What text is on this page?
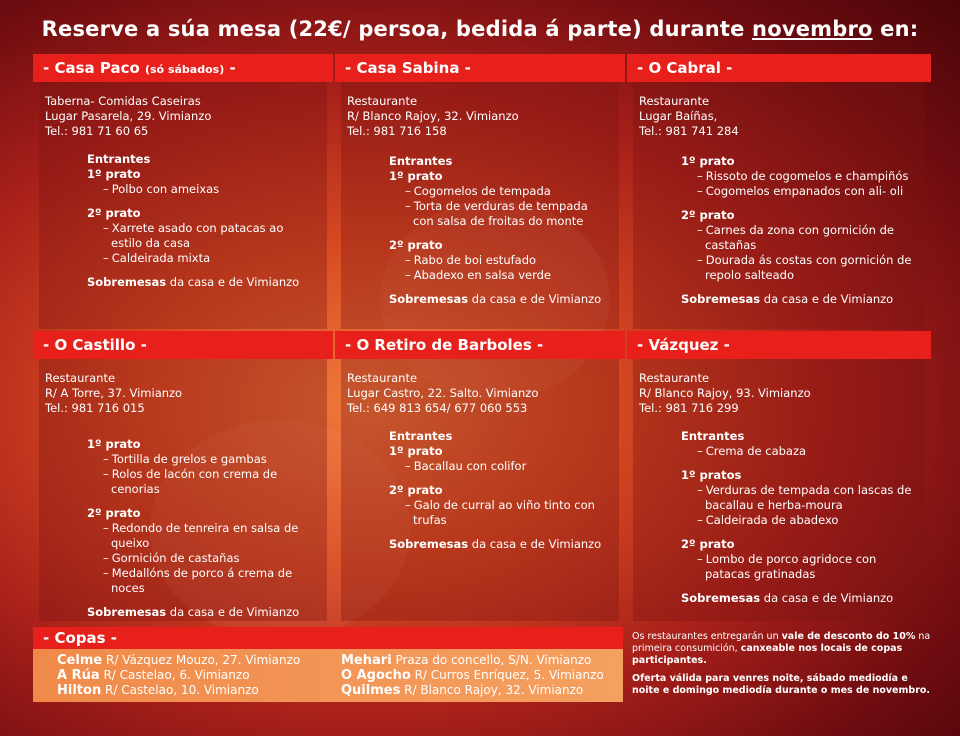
Reserve a súa mesa (22€/ persoa, bedida á parte) durante novembro en:
- Casa Paco (só sábados) -
Taberna- Comidas Caseiras
Lugar Pasarela, 29. Vimianzo
Tel.: 981 71 60 65
Entrantes
1º prato
– Polbo con ameixas
2º prato
– Xarrete asado con patacas ao estilo da casa
– Caldeirada mixta
Sobremesas da casa e de Vimianzo
- Casa Sabina -
Restaurante
R/ Blanco Rajoy, 32. Vimianzo
Tel.: 981 716 158
Entrantes
1º prato
– Cogomelos de tempada
– Torta de verduras de tempada con salsa de froitas do monte
2º prato
– Rabo de boi estufado
– Abadexo en salsa verde
Sobremesas da casa e de Vimianzo
- O Cabral -
Restaurante
Lugar Baíñas,
Tel.: 981 741 284
1º prato
– Rissoto de cogomelos e champiñós
– Cogomelos empanados con ali- oli
2º prato
– Carnes da zona con gornición de castañas
– Dourada ás costas con gornición de repolo salteado
Sobremesas da casa e de Vimianzo
- O Castillo -
Restaurante
R/ A Torre, 37. Vimianzo
Tel.: 981 716 015
1º prato
– Tortilla de grelos e gambas
– Rolos de lacón con crema de cenorias
2º prato
– Redondo de tenreira en salsa de queixo
– Gornición de castañas
– Medallóns de porco á crema de noces
Sobremesas da casa e de Vimianzo
- O Retiro de Barboles -
Restaurante
Lugar Castro, 22. Salto. Vimianzo
Tel.: 649 813 654/ 677 060 553
Entrantes
1º prato
– Bacallau con colifor
2º prato
– Galo de curral ao viño tinto con trufas
Sobremesas da casa e de Vimianzo
- Vázquez -
Restaurante
R/ Blanco Rajoy, 93. Vimianzo
Tel.: 981 716 299
Entrantes
– Crema de cabaza
1º pratos
– Verduras de tempada con lascas de bacallau e herba-moura
– Caldeirada de abadexo
2º prato
– Lombo de porco agridoce con patacas gratinadas
Sobremesas da casa e de Vimianzo
- Copas -
Celme R/ Vázquez Mouzo, 27. Vimianzo
A Rúa R/ Castelao, 6. Vimianzo
Hilton R/ Castelao, 10. Vimianzo
Mehari Praza do concello, S/N. Vimianzo
O Agocho R/ Curros Enríquez, 5. Vimianzo
Quilmes R/ Blanco Rajoy, 32. Vimianzo

Os restaurantes entregarán un vale de desconto do 10% na primeira consumición, canxeable nos locais de copas participantes.

Oferta válida para venres noite, sábado mediodía e noite e domingo mediodía durante o mes de novembro.
